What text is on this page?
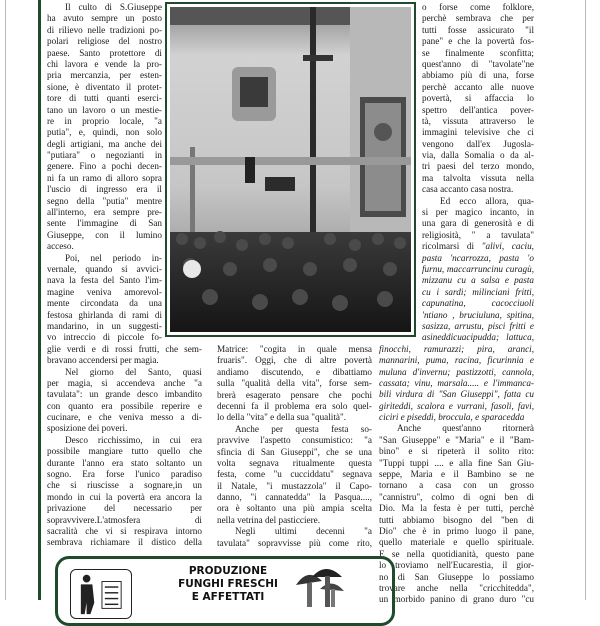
Il culto di S.Giuseppe
ha avuto sempre un posto
di rilievo nelle tradizioni po-
polari religiose del nostro
paese. Santo protettore di
chi lavora e vende la pro-
pria mercanzia, per esten-
sione, è diventato il protet-
tore di tutti quanti eserci-
tano un lavoro o un mestie-
re in proprio locale, "a
putia", e, quindi, non solo
degli artigiani, ma anche dei
"putiara" o negozianti in
genere. Fino a pochi decen-
ni fa un ramo di alloro sopra
l'uscio di ingresso era il
segno della "putia" mentre
all'interno, era sempre pre-
sente l'immagine di San
Giuseppe, con il lumino
acceso.
Poi, nel periodo in-
vernale, quando si avvici-
nava la festa del Santo l'im-
magine veniva amorevol-
mente circondata da una
festosa ghirlanda di rami di
mandarino, in un suggesti-
vo intreccio di piccole fo-
glie verdi e di rossi frutti, che sem-
bravano accendersi per magia.
Nel giorno del Santo, quasi
per magia, si accendeva anche "a
tavulata": un grande desco imbandito
con quanto era possibile reperire e
cucinare, e che veniva messo a di-
sposizione dei poveri.
Desco ricchissimo, in cui era
possibile mangiare tutto quello che
durante l'anno era stato soltanto un
sogno. Era forse l'unico paradiso
che si riuscisse a sognare,in un
mondo in cui la povertà era ancora la
privazione del necessario per
sopravvivere.L'atmosfera di
sacralità che vi si respirava intorno
sembrava richiamare il distico della
Matrice: "cogita in quale mensa
fruaris". Oggi, che di altre povertà
andiamo discutendo, e dibattiamo
sulla "qualità della vita", forse sem-
brerà esagerato pensare che pochi
decenni fa il problema era solo quel-
lo della "vita" e della sua "qualità".
Anche per questa festa so-
pravvive l'aspetto consumistico: "a
sfincia di San Giuseppi", che se una
volta segnava ritualmente questa
festa, come "u cucciddatu" segnava
il Natale, "i mustazzola" il Capo-
danno, "i cannatedda" la Pasqua....,
ora è soltanto una più ampia scelta
nella vetrina del pasticciere.
Negli ultimi decenni "a
tavulata" sopravvisse più come rito,
o forse come folklore,
perchè sembrava che per
tutti fosse assicurato "il
pane" e che la povertà fos-
se finalmente sconfitta;
quest'anno di "tavolate"ne
abbiamo più di una, forse
perchè accanto alle nuove
povertà, si affaccia lo
spettro dell'antica pover-
tà, vissuta attraverso le
immagini televisive che ci
vengono dall'ex Jugosla-
via, dalla Somalia o da al-
tri paesi del terzo mondo,
ma talvolta vissuta nella
casa accanto casa nostra.
Ed ecco allora, qua-
si per magico incanto, in
una gara di generosità e di
religiosità, " a tavulata"
ricolmarsi di "alivi, caciu,
pasta 'ncarrozza, pasta 'o
furnu, maccarruncinu curagù,
mizzanu cu a salsa e pasta
cu i sardi; milinciani fritti,
capunatina, cacocciuoli
'ntiano , bruciuluna, spitina,
sasizza, arrustu, pisci fritti e
asineddicuacipudda; lattuca,
finocchi, ramurazzi; pira, aranci,
mannarini, puma, racina, ficurinnia e
muluna d'invernu; pastizzotti, cannola,
cassata; vinu, marsala..... e l'immanca-
bili virdura di "San Giuseppi", fatta cu
giriteddi, scalora e vurrani, fasoli, favi,
ciciri e piseddi, broccula, e sparacedda
Anche quest'anno ritornerà
"San Giuseppe" e "Maria" e il "Bam-
bino" e si ripeterà il solito rito:
"Tuppi tuppi .... e alla fine San Giu-
seppe, Maria e il Bambino se ne
tornano a casa con un grosso
"cannistru", colmo di ogni ben di
Dio. Ma la festa è per tutti, perchè
tutti abbiamo bisogno del "ben di
Dio" che è in primo luogo il pane,
quello materiale e quello spirituale.
E se nella quotidianità, questo pane
lo troviamo nell'Eucarestia, il gior-
no di San Giuseppe lo possiamo
trovare anche nella "cricchitedda",
un morbido panino di grano duro "cu
PRODUZIONE
FUNGHI FRESCHI
E AFFETTATI
